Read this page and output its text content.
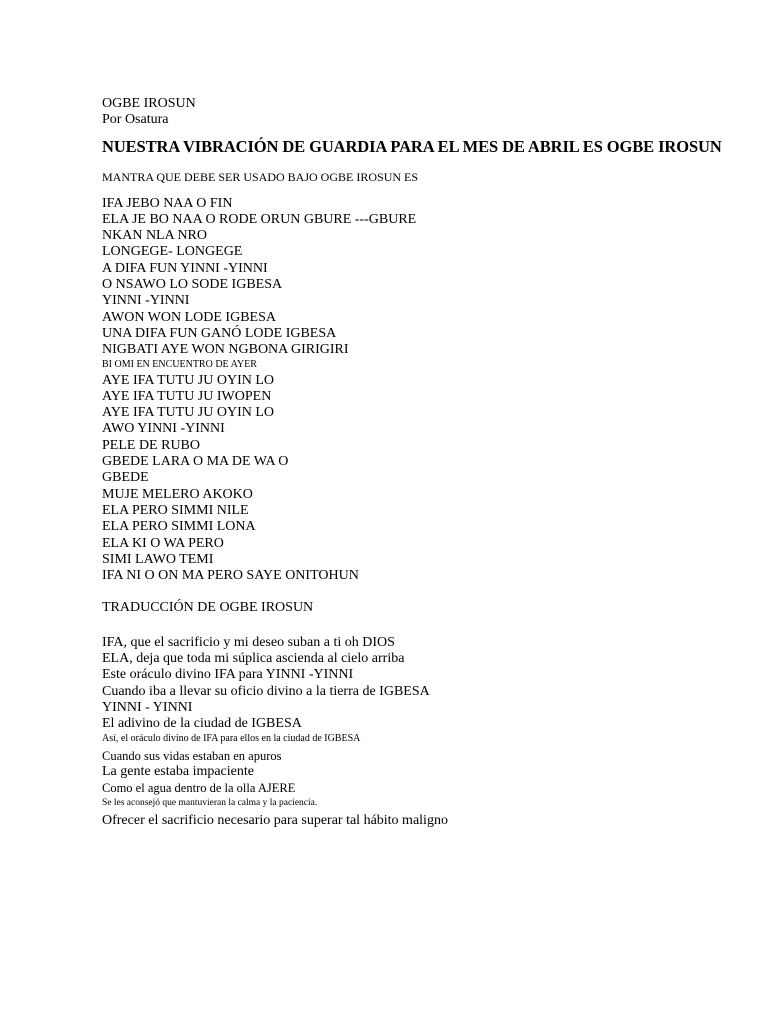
OGBE IROSUN
Por Osatura
NUESTRA VIBRACIÓN DE GUARDIA PARA EL MES DE ABRIL ES OGBE IROSUN
MANTRA QUE DEBE SER USADO BAJO OGBE IROSUN ES
IFA JEBO NAA O FIN
ELA JE BO NAA O RODE ORUN GBURE ---GBURE
NKAN NLA NRO
LONGEGE- LONGEGE
A DIFA FUN YINNI -YINNI
O NSAWO LO SODE IGBESA
YINNI -YINNI
AWON WON LODE IGBESA
UNA DIFA FUN GANÓ LODE IGBESA
NIGBATI AYE WON NGBONA GIRIGIRI
BI OMI EN ENCUENTRO DE AYER
AYE IFA TUTU JU OYIN LO
AYE IFA TUTU JU IWOPEN
AYE IFA TUTU JU OYIN LO
AWO YINNI -YINNI
PELE DE RUBO
GBEDE LARA O MA DE WA O
GBEDE
MUJE MELERO AKOKO
ELA PERO SIMMI NILE
ELA PERO SIMMI LONA
ELA KI O WA PERO
SIMI LAWO TEMI
IFA NI O ON MA PERO SAYE ONITOHUN
TRADUCCIÓN DE OGBE IROSUN
IFA, que el sacrificio y mi deseo suban a ti oh DIOS
ELA, deja que toda mi súplica ascienda al cielo arriba
Este oráculo divino IFA para YINNI -YINNI
Cuando iba a llevar su oficio divino a la tierra de IGBESA
YINNI - YINNI
El adivino de la ciudad de IGBESA
Así, el oráculo divino de IFA para ellos en la ciudad de IGBESA
Cuando sus vidas estaban en apuros
La gente estaba impaciente
Como el agua dentro de la olla AJERE
Se les aconsejó que mantuvieran la calma y la paciencia.
Ofrecer el sacrificio necesario para superar tal hábito maligno
